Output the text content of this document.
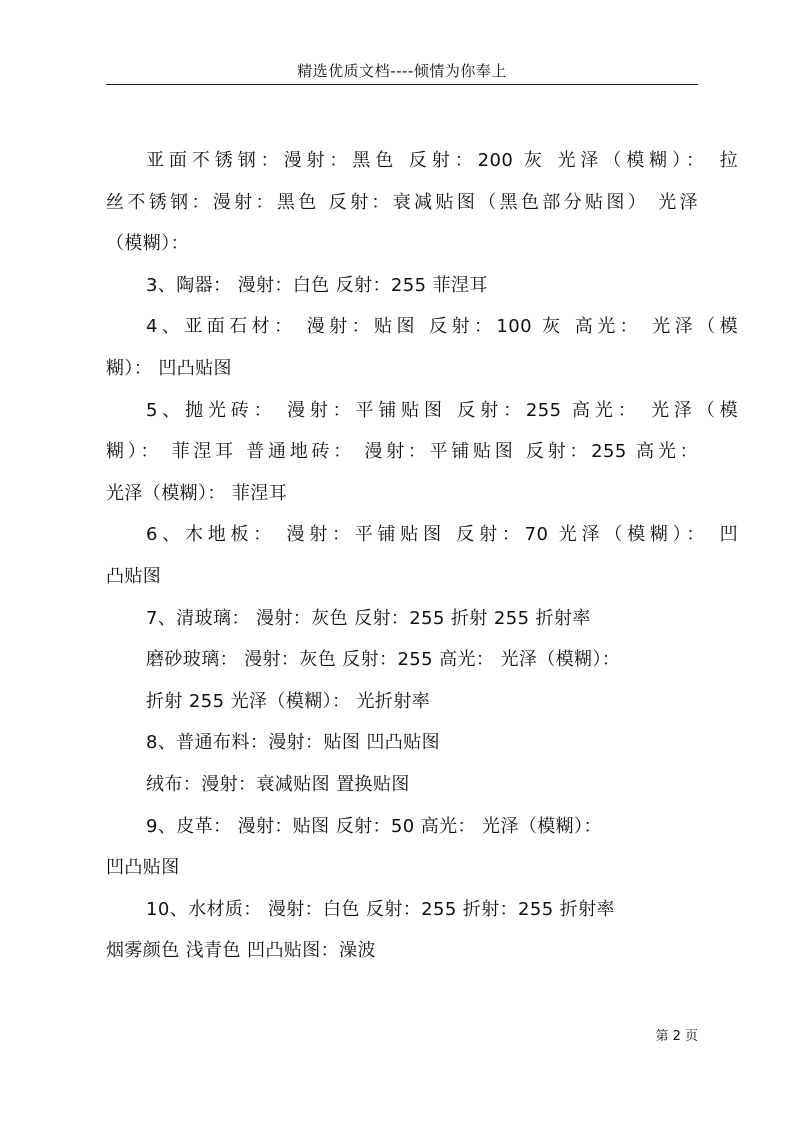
精选优质文档----倾情为你奉上
亚面不锈钢：漫射：黑色 反射：200 灰 光泽（模糊）： 拉
丝不锈钢：漫射：黑色 反射：衰减贴图（黑色部分贴图） 光泽
（模糊）：
3、陶器： 漫射：白色 反射：255 菲涅耳
4、亚面石材： 漫射：贴图 反射：100 灰 高光： 光泽（模
糊）： 凹凸贴图
5、抛光砖： 漫射：平铺贴图 反射：255 高光： 光泽（模
糊）： 菲涅耳 普通地砖： 漫射：平铺贴图 反射：255 高光：
光泽（模糊）： 菲涅耳
6、木地板： 漫射：平铺贴图 反射：70 光泽（模糊）： 凹
凸贴图
7、清玻璃： 漫射：灰色 反射：255 折射 255 折射率
磨砂玻璃： 漫射：灰色 反射：255 高光： 光泽（模糊）：
折射 255 光泽（模糊）： 光折射率
8、普通布料：漫射：贴图 凹凸贴图
绒布：漫射：衰减贴图 置换贴图
9、皮革： 漫射：贴图 反射：50 高光： 光泽（模糊）：
凹凸贴图
10、水材质： 漫射：白色 反射：255 折射：255 折射率
烟雾颜色 浅青色 凹凸贴图：澡波
第 2 页
